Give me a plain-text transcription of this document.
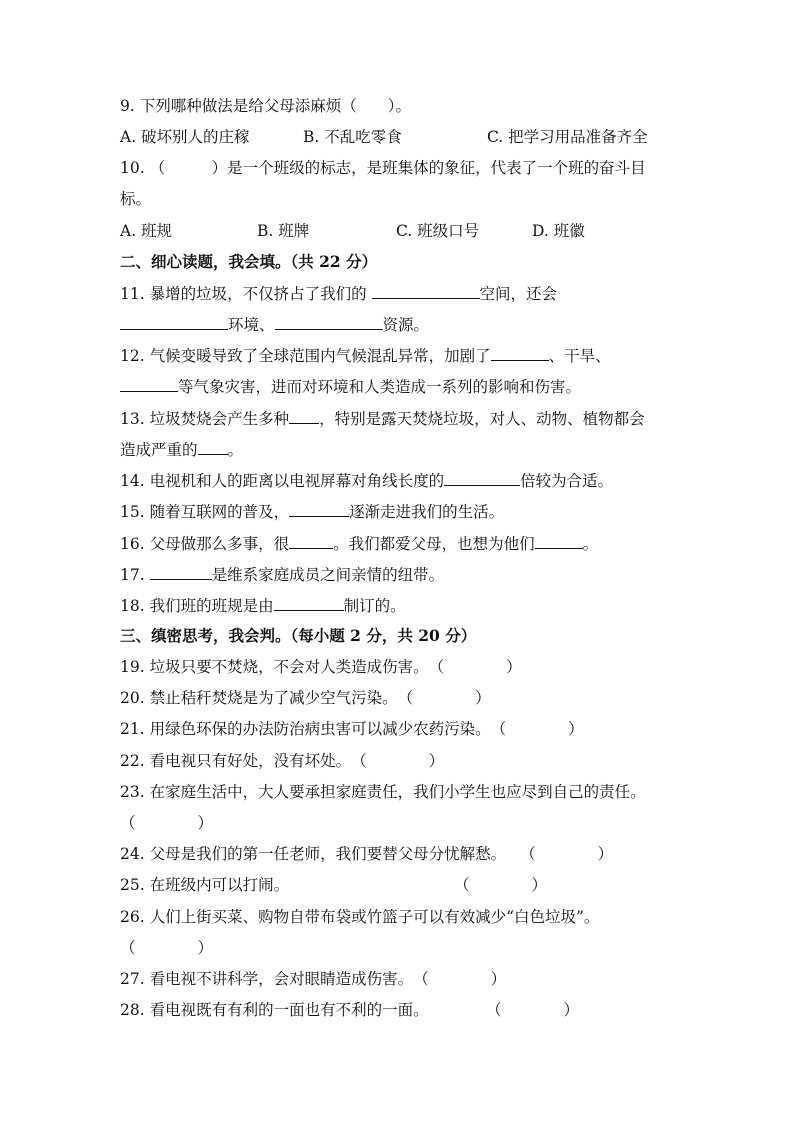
9. 下列哪种做法是给父母添麻烦（　　）。
A. 破坏别人的庄稼	B. 不乱吃零食	C. 把学习用品准备齐全
10. （　　　）是一个班级的标志，是班集体的象征，代表了一个班的奋斗目
标。
A. 班规	B. 班牌	C. 班级口号	D. 班徽
二、细心读题，我会填。（共 22 分）
11. 暴增的垃圾，不仅挤占了我们的	空间，还会
环境、	资源。
12. 气候变暖导致了全球范围内气候混乱异常，加剧了	、干旱、
等气象灾害，进而对环境和人类造成一系列的影响和伤害。
13. 垃圾焚烧会产生多种 ，特别是露天焚烧垃圾，对人、动物、植物都会
造成严重的 。
14. 电视机和人的距离以电视屏幕对角线长度的	倍较为合适。
15. 随着互联网的普及，	逐渐走进我们的生活。
16. 父母做那么多事，很	。我们都爱父母，也想为他们	。
17.	是维系家庭成员之间亲情的纽带。
18. 我们班的班规是由	制订的。
三、缜密思考，我会判。（每小题 2 分，共 20 分）
19. 垃圾只要不焚烧，不会对人类造成伤害。（　　　　）
20. 禁止秸秆焚烧是为了减少空气污染。（　　　　）
21. 用绿色环保的办法防治病虫害可以减少农药污染。（　　　　）
22. 看电视只有好处，没有坏处。（　　　　）
23. 在家庭生活中，大人要承担家庭责任，我们小学生也应尽到自己的责任。
（　　　　）
24. 父母是我们的第一任老师，我们要替父母分忧解愁。 （　　　　）
25. 在班级内可以打闹。	（　　　　）
26. 人们上街买菜、购物自带布袋或竹篮子可以有效减少“白色垃圾”。
（　　　　）
27. 看电视不讲科学，会对眼睛造成伤害。（　　　　）
28. 看电视既有有利的一面也有不利的一面。	（　　　　）
